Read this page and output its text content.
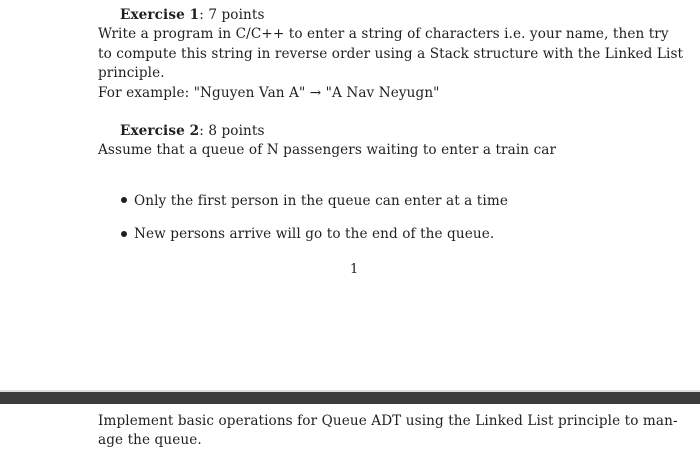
Exercise 1: 7 points
Write a program in C/C++ to enter a string of characters i.e. your name, then try
to compute this string in reverse order using a Stack structure with the Linked List
principle.
For example: "Nguyen Van A" → "A Nav Neyugn"
Exercise 2: 8 points
Assume that a queue of N passengers waiting to enter a train car
Only the first person in the queue can enter at a time
New persons arrive will go to the end of the queue.
1
Implement basic operations for Queue ADT using the Linked List principle to man-
age the queue.
